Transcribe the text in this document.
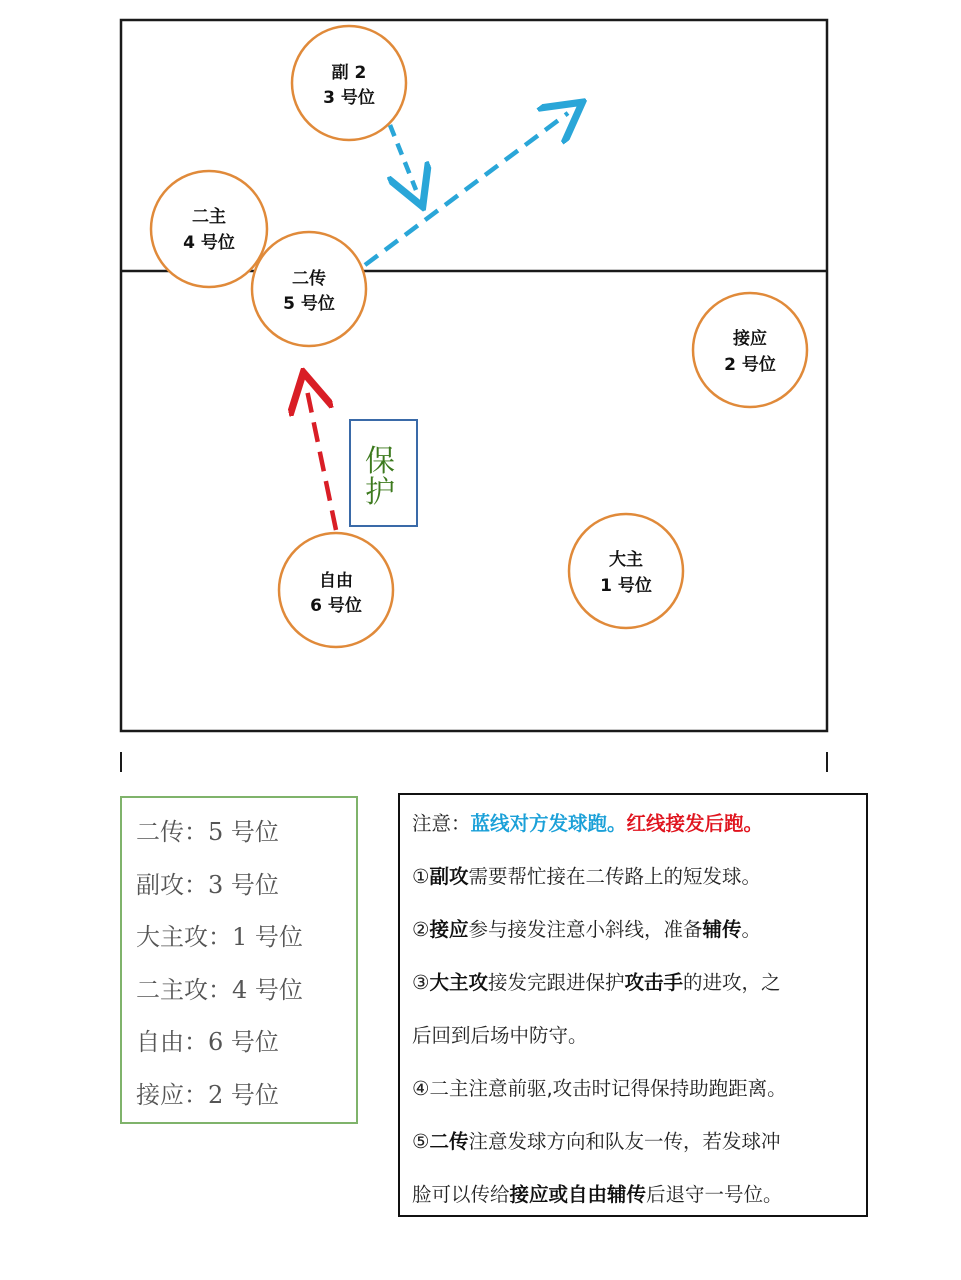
保
护
副 2
3 号位
二主
4 号位
二传
5 号位
接应
2 号位
大主
1 号位
自由
6 号位
二传：5 号位
副攻：3 号位
大主攻：1 号位
二主攻：4 号位
自由：6 号位
接应：2 号位
注意：蓝线对方发球跑。红线接发后跑。
①副攻需要帮忙接在二传路上的短发球。
②接应参与接发注意小斜线，准备辅传。
③大主攻接发完跟进保护攻击手的进攻，之
后回到后场中防守。
④二主注意前驱,攻击时记得保持助跑距离。
⑤二传注意发球方向和队友一传，若发球冲
脸可以传给接应或自由辅传后退守一号位。
